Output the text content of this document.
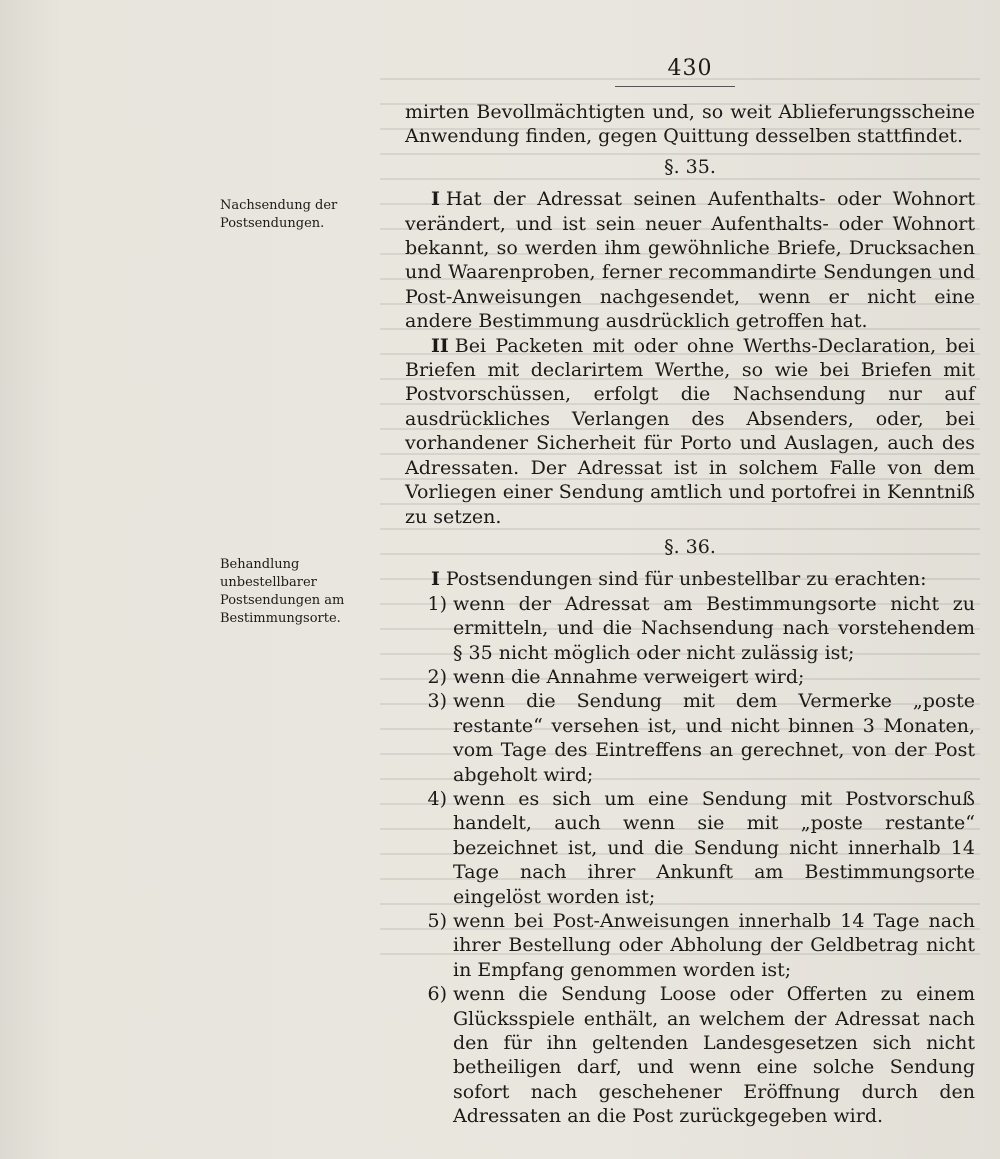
430
Nachsendung der Postsendungen.
Behandlung unbestellbarer Postsendungen am Bestimmungsorte.

mirten Bevollmächtigten und, so weit Ablieferungsscheine Anwendung finden, gegen Quittung desselben stattfindet.

§. 35.

I Hat der Adressat seinen Aufenthalts- oder Wohnort verändert, und ist sein neuer Aufenthalts- oder Wohnort bekannt, so werden ihm gewöhnliche Briefe, Drucksachen und Waarenproben, ferner recommandirte Sendungen und Post-Anweisungen nachgesendet, wenn er nicht eine andere Bestimmung ausdrücklich getroffen hat.

II Bei Packeten mit oder ohne Werths-Declaration, bei Briefen mit declarirtem Werthe, so wie bei Briefen mit Postvorschüssen, erfolgt die Nachsendung nur auf ausdrückliches Verlangen des Absenders, oder, bei vorhandener Sicherheit für Porto und Auslagen, auch des Adressaten. Der Adressat ist in solchem Falle von dem Vorliegen einer Sendung amtlich und portofrei in Kenntniß zu setzen.

§. 36.

I Postsendungen sind für unbestellbar zu erachten:

1) wenn der Adressat am Bestimmungsorte nicht zu ermitteln, und die Nachsendung nach vorstehendem § 35 nicht möglich oder nicht zulässig ist;
2) wenn die Annahme verweigert wird;
3) wenn die Sendung mit dem Vermerke „poste restante“ versehen ist, und nicht binnen 3 Monaten, vom Tage des Eintreffens an gerechnet, von der Post abgeholt wird;
4) wenn es sich um eine Sendung mit Postvorschuß handelt, auch wenn sie mit „poste restante“ bezeichnet ist, und die Sendung nicht innerhalb 14 Tage nach ihrer Ankunft am Bestimmungsorte eingelöst worden ist;
5) wenn bei Post-Anweisungen innerhalb 14 Tage nach ihrer Bestellung oder Abholung der Geldbetrag nicht in Empfang genommen worden ist;
6) wenn die Sendung Loose oder Offerten zu einem Glücksspiele enthält, an welchem der Adressat nach den für ihn geltenden Landesgesetzen sich nicht betheiligen darf, und wenn eine solche Sendung sofort nach geschehener Eröffnung durch den Adressaten an die Post zurückgegeben wird.
